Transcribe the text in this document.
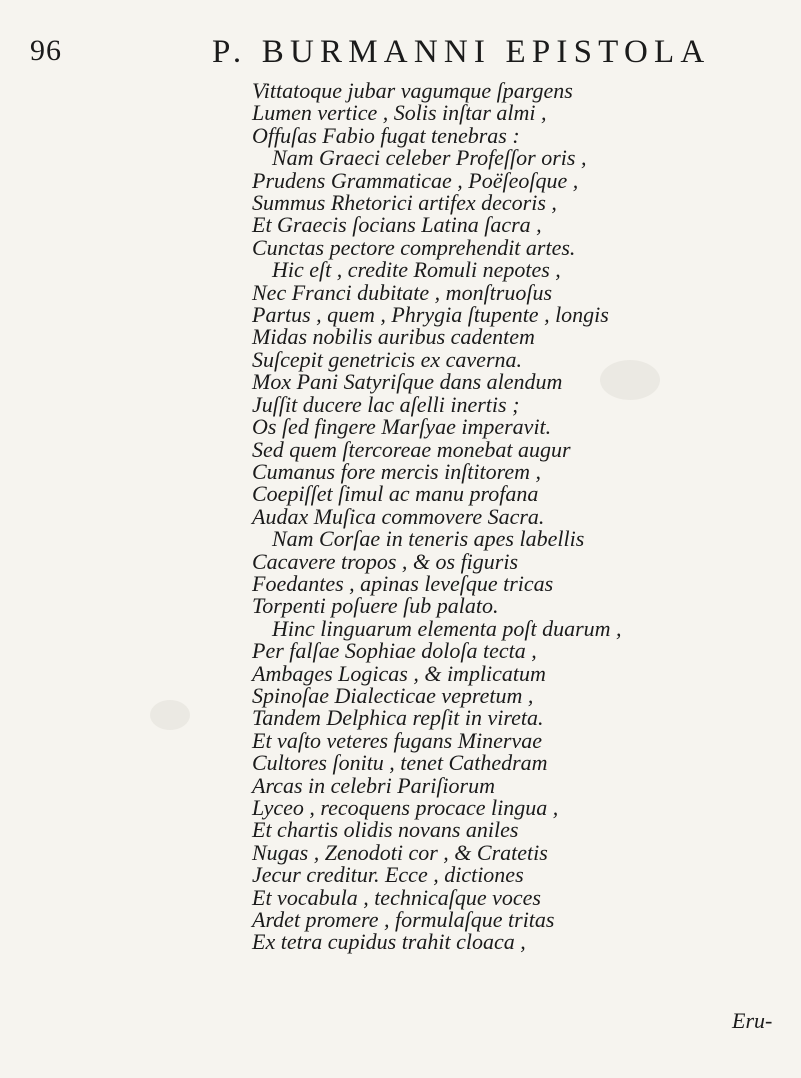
96	P. BURMANNI EPISTOLA
Vittatoque jubar vagumque ſpargens
Lumen vertice , Solis inſtar almi ,
Offuſas Fabio fugat tenebras :
Nam Graeci celeber Profeſſor oris ,
Prudens Grammaticae , Poëſeoſque ,
Summus Rhetorici artifex decoris ,
Et Graecis ſocians Latina ſacra ,
Cunctas pectore comprehendit artes.
Hic eſt , credite Romuli nepotes ,
Nec Franci dubitate , monſtruoſus
Partus , quem , Phrygia ſtupente , longis
Midas nobilis auribus cadentem
Suſcepit genetricis ex caverna.
Mox Pani Satyriſque dans alendum
Juſſit ducere lac aſelli inertis ;
Os ſed fingere Marſyae imperavit.
Sed quem ſtercoreae monebat augur
Cumanus fore mercis inſtitorem ,
Coepiſſet ſimul ac manu profana
Audax Muſica commovere Sacra.
Nam Corſae in teneris apes labellis
Cacavere tropos , & os figuris
Foedantes , apinas leveſque tricas
Torpenti poſuere ſub palato.
Hinc linguarum elementa poſt duarum ,
Per falſae Sophiae doloſa tecta ,
Ambages Logicas , & implicatum
Spinoſae Dialecticae vepretum ,
Tandem Delphica repſit in vireta.
Et vaſto veteres fugans Minervae
Cultores ſonitu , tenet Cathedram
Arcas in celebri Pariſiorum
Lyceo , recoquens procace lingua ,
Et chartis olidis novans aniles
Nugas , Zenodoti cor , & Cratetis
Jecur creditur. Ecce , dictiones
Et vocabula , technicaſque voces
Ardet promere , formulaſque tritas
Ex tetra cupidus trahit cloaca ,
Eru-
